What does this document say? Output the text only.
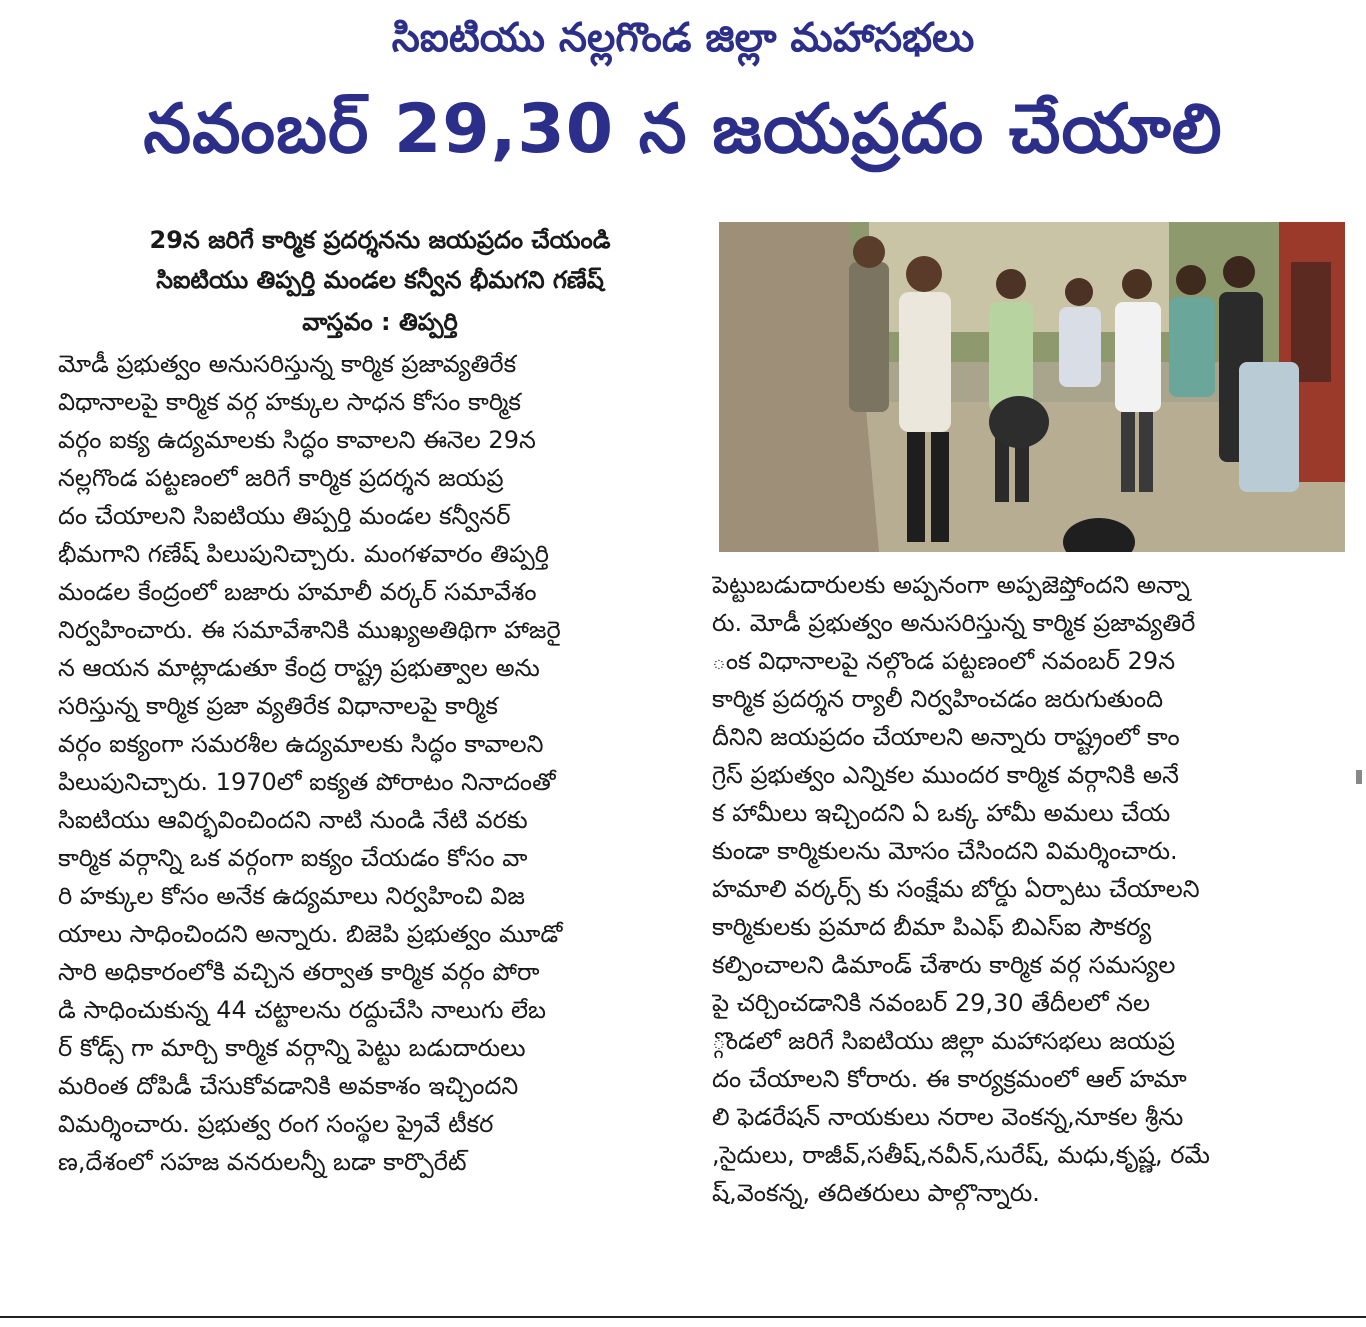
సిఐటియు నల్లగొండ జిల్లా మహాసభలు
నవంబర్ 29,30 న జయప్రదం చేయాలి
29న జరిగే కార్మిక ప్రదర్శనను జయప్రదం చేయండి
సిఐటియు తిప్పర్తి మండల కన్వీన భీమగని గణేష్
వాస్తవం : తిప్పర్తి
మోడీ ప్రభుత్వం అనుసరిస్తున్న కార్మిక ప్రజావ్యతిరేక
విధానాలపై కార్మిక వర్గ హక్కుల సాధన కోసం కార్మిక
వర్గం ఐక్య ఉద్యమాలకు సిద్ధం కావాలని ఈనెల 29న
నల్లగొండ పట్టణంలో జరిగే కార్మిక ప్రదర్శన జయప్ర
దం చేయాలని సిఐటియు తిప్పర్తి మండల కన్వీనర్
భీమగాని గణేష్ పిలుపునిచ్చారు. మంగళవారం తిప్పర్తి
మండల కేంద్రంలో బజారు హమాలీ వర్కర్ సమావేశం
నిర్వహించారు. ఈ సమావేశానికి ముఖ్యఅతిథిగా హాజరై
న ఆయన మాట్లాడుతూ కేంద్ర రాష్ట్ర ప్రభుత్వాల అను
సరిస్తున్న కార్మిక ప్రజా వ్యతిరేక విధానాలపై కార్మిక
వర్గం ఐక్యంగా సమరశీల ఉద్యమాలకు సిద్ధం కావాలని
పిలుపునిచ్చారు. 1970లో ఐక్యత పోరాటం నినాదంతో
సిఐటియు ఆవిర్భవించిందని నాటి నుండి నేటి వరకు
కార్మిక వర్గాన్ని ఒక వర్గంగా ఐక్యం చేయడం కోసం వా
రి హక్కుల కోసం అనేక ఉద్యమాలు నిర్వహించి విజ
యాలు సాధించిందని అన్నారు. బిజెపి ప్రభుత్వం మూడో
సారి అధికారంలోకి వచ్చిన తర్వాత కార్మిక వర్గం పోరా
డి సాధించుకున్న 44 చట్టాలను రద్దుచేసి నాలుగు లేబ
ర్ కోడ్స్ గా మార్చి కార్మిక వర్గాన్ని పెట్టు బడుదారులు
మరింత దోపిడీ చేసుకోవడానికి అవకాశం ఇచ్చిందని
విమర్శించారు. ప్రభుత్వ రంగ సంస్థల ప్రైవే టీకర
ణ,దేశంలో సహజ వనరులన్నీ బడా కార్పొరేట్
పెట్టుబడుదారులకు అప్పనంగా అప్పజెప్తోందని అన్నా
రు. మోడీ ప్రభుత్వం అనుసరిస్తున్న కార్మిక ప్రజావ్యతిరే
ంక విధానాలపై నల్గొండ పట్టణంలో నవంబర్ 29న
కార్మిక ప్రదర్శన ర్యాలీ నిర్వహించడం జరుగుతుంది
దీనిని జయప్రదం చేయాలని అన్నారు రాష్ట్రంలో కాం
గ్రెస్ ప్రభుత్వం ఎన్నికల ముందర కార్మిక వర్గానికి అనే
క హామీలు ఇచ్చిందని ఏ ఒక్క హామీ అమలు చేయ
కుండా కార్మికులను మోసం చేసిందని విమర్శించారు.
హమాలి వర్కర్స్ కు సంక్షేమ బోర్డు ఏర్పాటు చేయాలని
కార్మికులకు ప్రమాద బీమా పిఎఫ్ బిఎస్ఐ సౌకర్య
కల్పించాలని డిమాండ్ చేశారు కార్మిక వర్గ సమస్యల
పై చర్చించడానికి నవంబర్ 29,30 తేదీలలో నల
్గొండలో జరిగే సిఐటియు జిల్లా మహాసభలు జయప్ర
దం చేయాలని కోరారు. ఈ కార్యక్రమంలో ఆల్ హమా
లి ఫెడరేషన్ నాయకులు నరాల వెంకన్న,నూకల శ్రీను
,సైదులు, రాజీవ్,సతీష్,నవీన్,సురేష్, మధు,కృష్ణ, రమే
ష్,వెంకన్న, తదితరులు పాల్గొన్నారు.
